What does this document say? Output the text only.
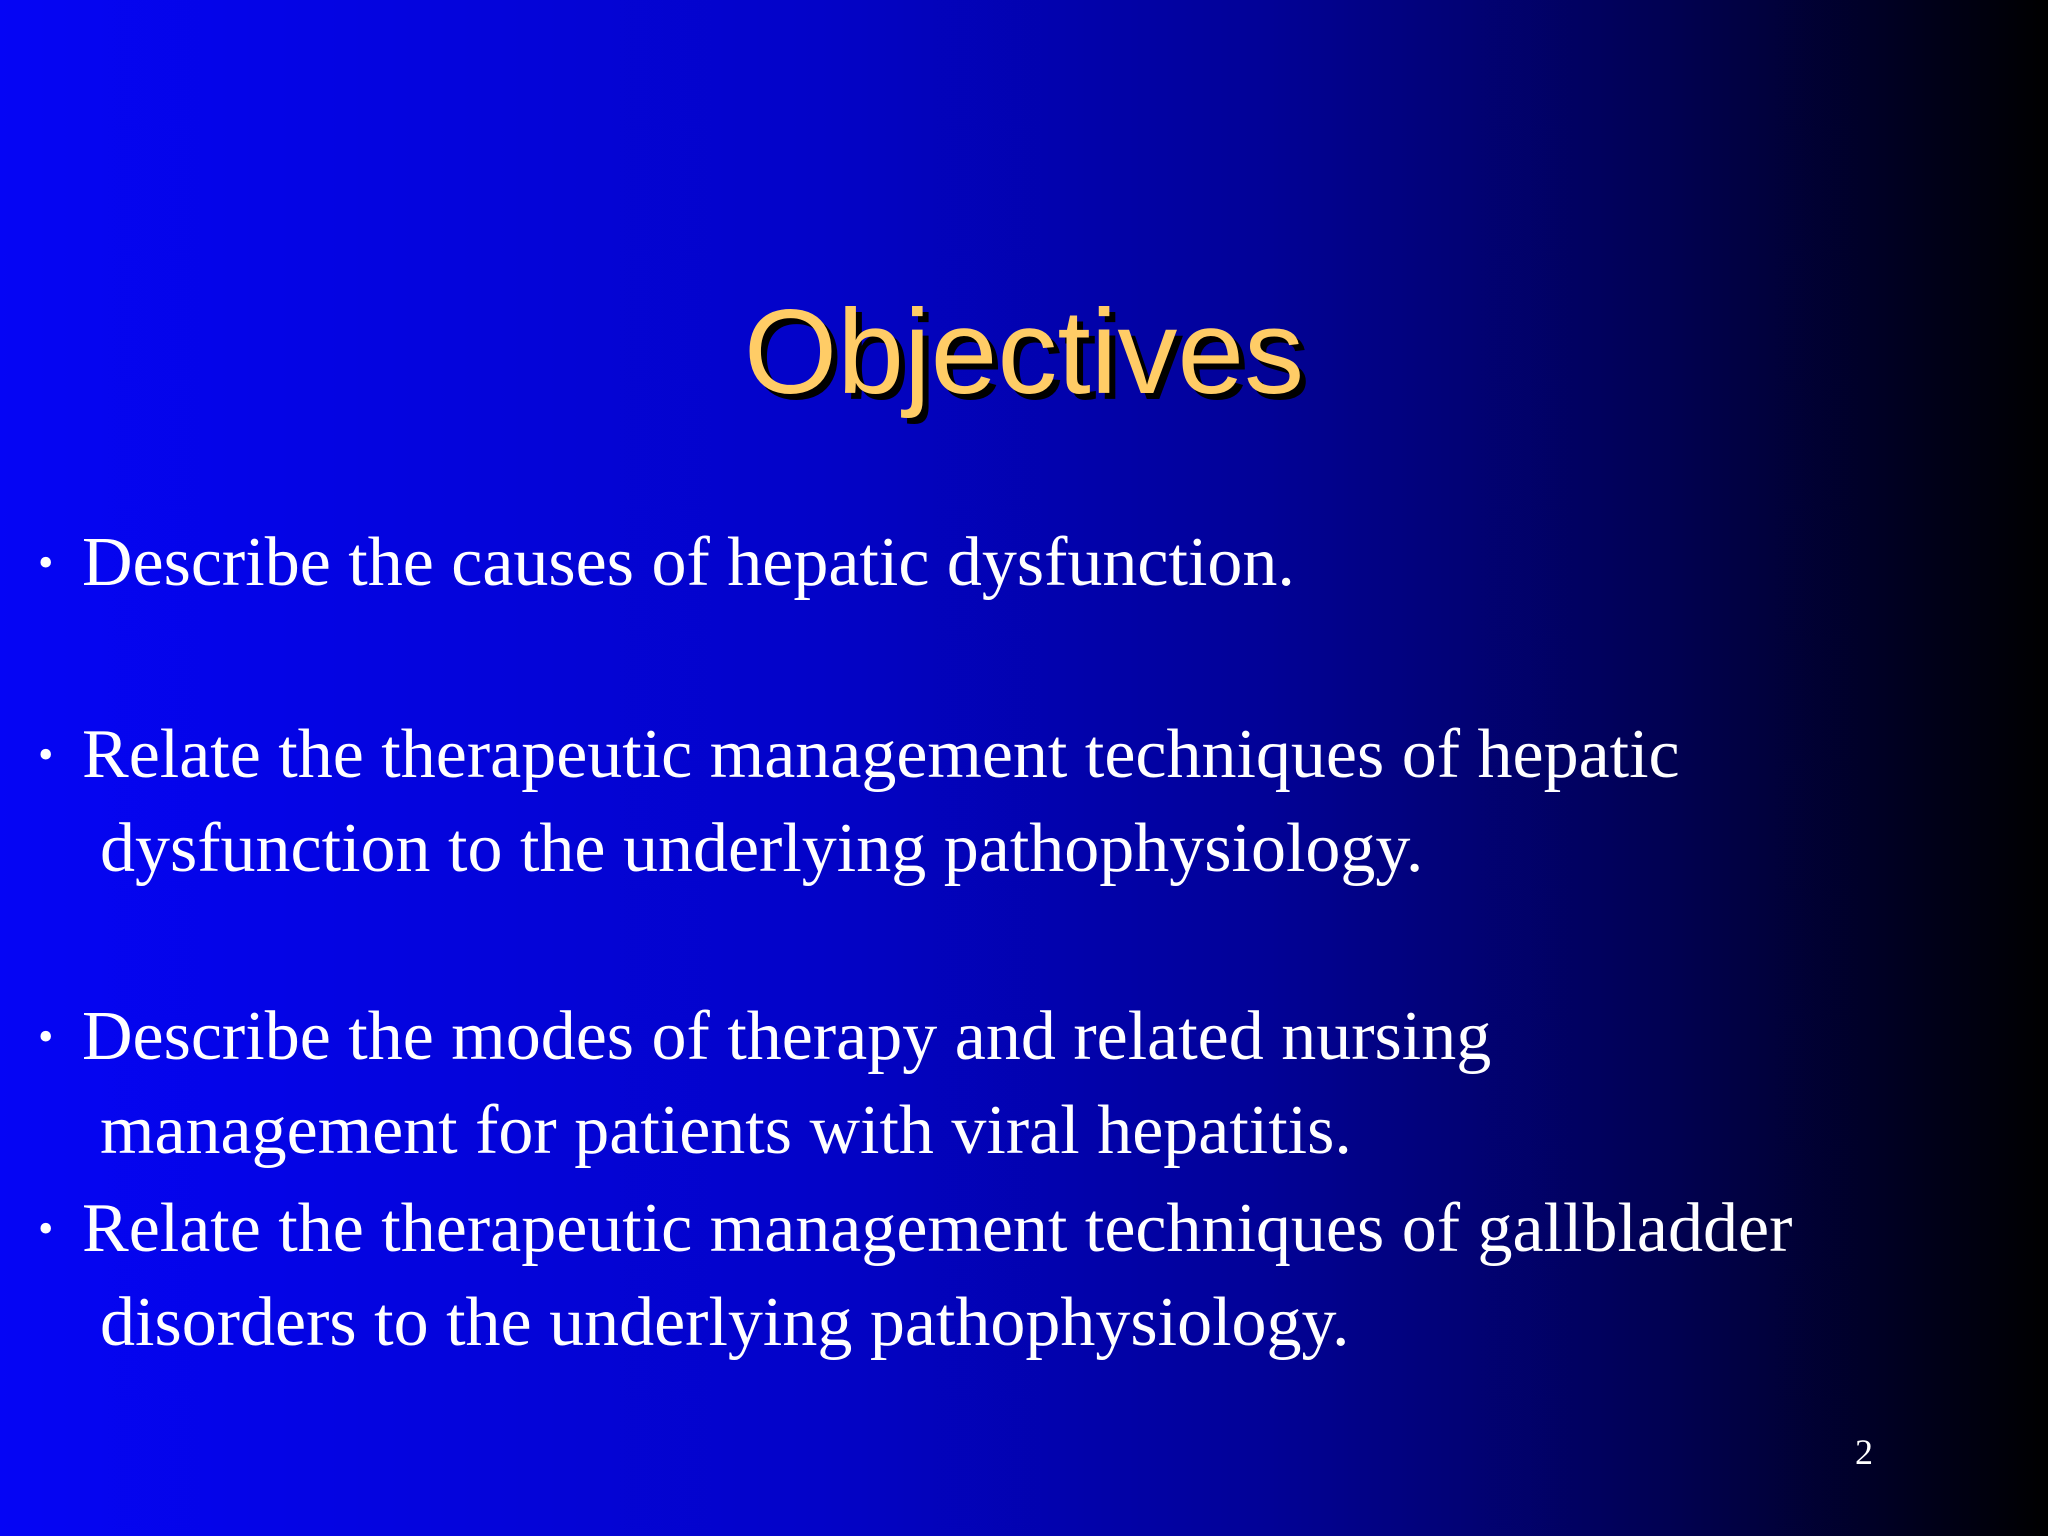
Objectives
• Describe the causes of hepatic dysfunction.
• Relate the therapeutic management techniques of hepatic
dysfunction to the underlying pathophysiology.
• Describe the modes of therapy and related nursing
management for patients with viral hepatitis.
• Relate the therapeutic management techniques of gallbladder
disorders to the underlying pathophysiology.
2
